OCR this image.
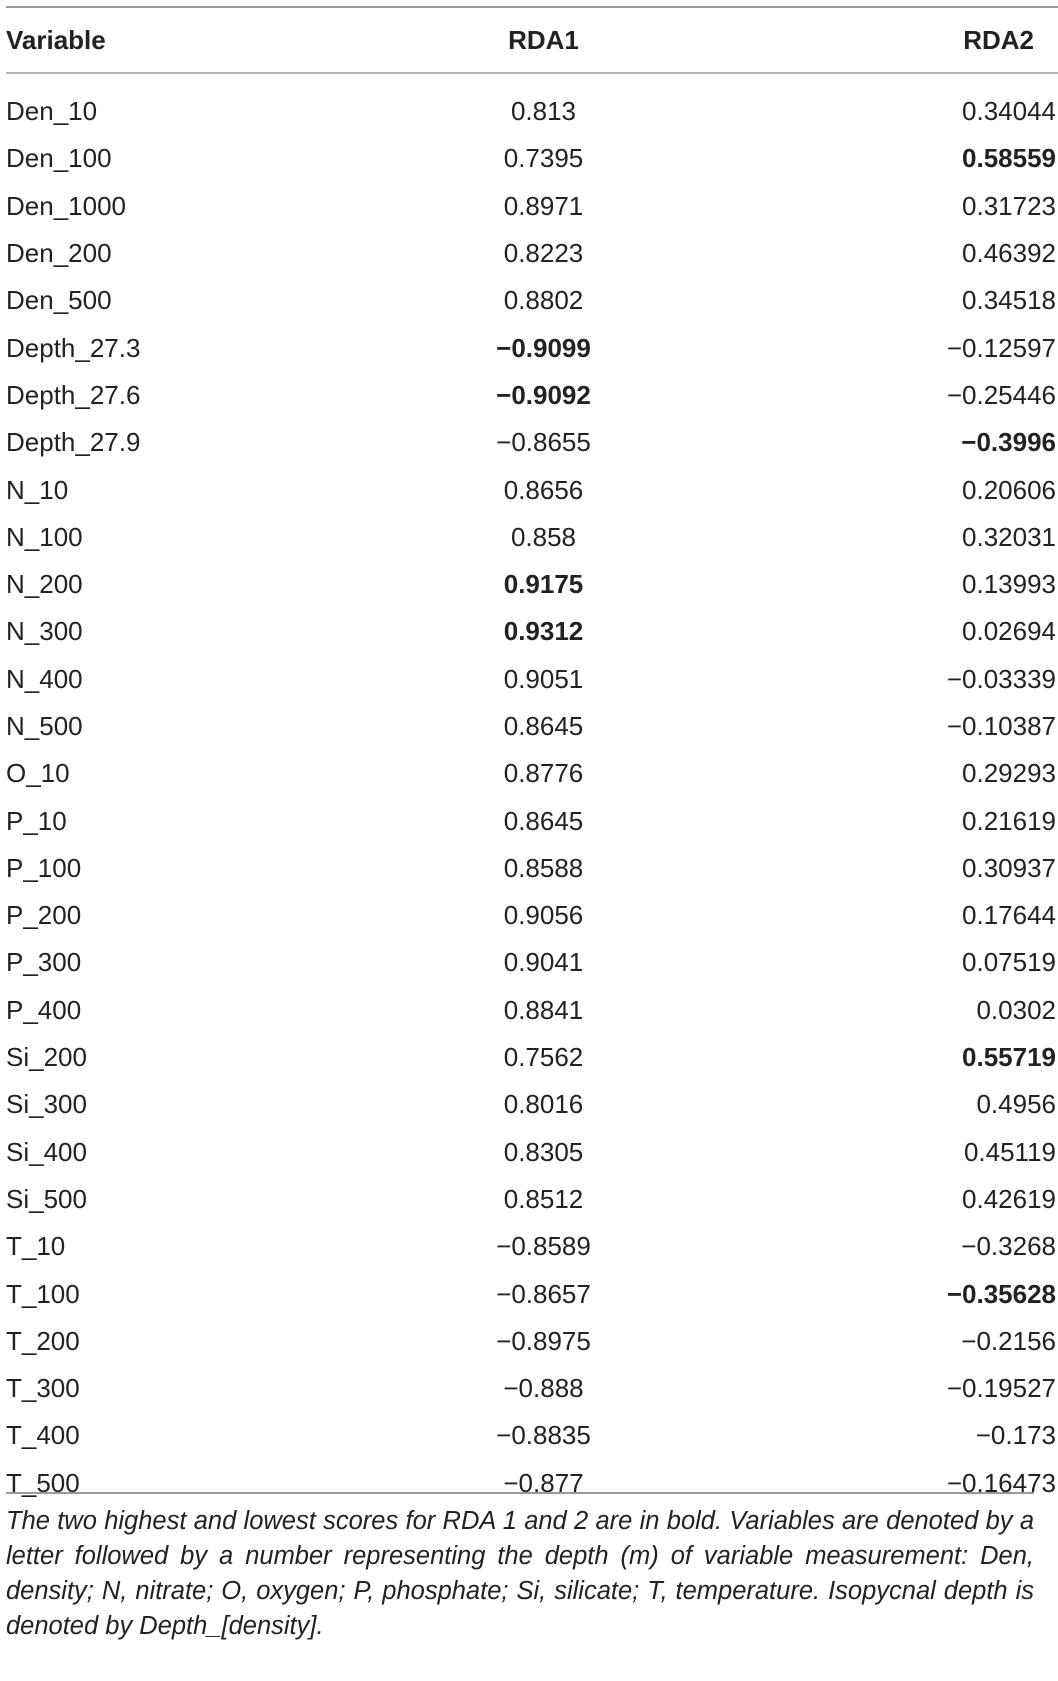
Variable	RDA1	RDA2
Den_10	0.813	0.34044
Den_100	0.7395	0.58559
Den_1000	0.8971	0.31723
Den_200	0.8223	0.46392
Den_500	0.8802	0.34518
Depth_27.3	−0.9099	−0.12597
Depth_27.6	−0.9092	−0.25446
Depth_27.9	−0.8655	−0.3996
N_10	0.8656	0.20606
N_100	0.858	0.32031
N_200	0.9175	0.13993
N_300	0.9312	0.02694
N_400	0.9051	−0.03339
N_500	0.8645	−0.10387
O_10	0.8776	0.29293
P_10	0.8645	0.21619
P_100	0.8588	0.30937
P_200	0.9056	0.17644
P_300	0.9041	0.07519
P_400	0.8841	0.0302
Si_200	0.7562	0.55719
Si_300	0.8016	0.4956
Si_400	0.8305	0.45119
Si_500	0.8512	0.42619
T_10	−0.8589	−0.3268
T_100	−0.8657	−0.35628
T_200	−0.8975	−0.2156
T_300	−0.888	−0.19527
T_400	−0.8835	−0.173
T_500	−0.877	−0.16473
The two highest and lowest scores for RDA 1 and 2 are in bold. Variables are denoted by a letter followed by a number representing the depth (m) of variable measurement: Den, density; N, nitrate; O, oxygen; P, phosphate; Si, silicate; T, temperature. Isopycnal depth is denoted by Depth_[density].
